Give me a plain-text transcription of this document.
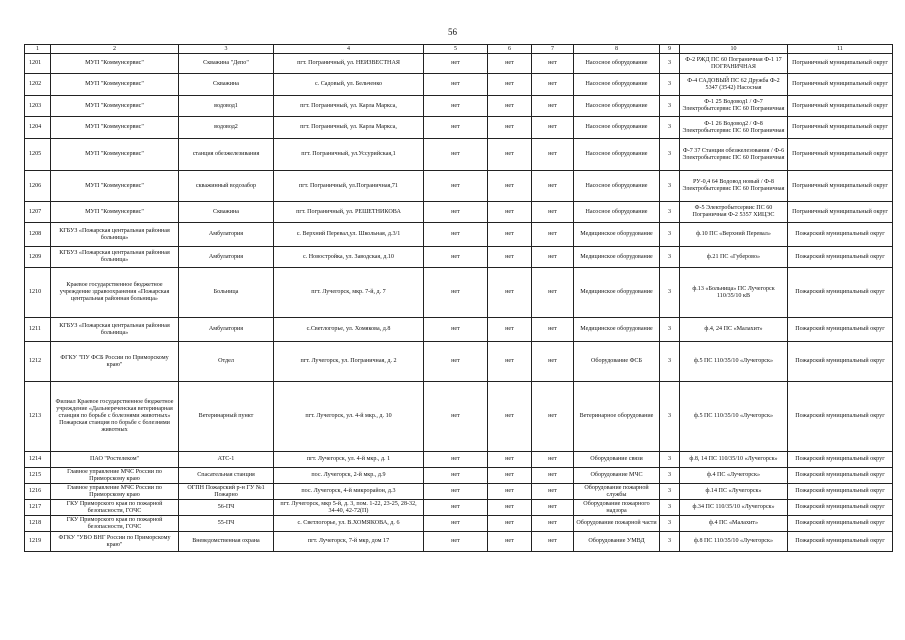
56
1	2	3	4	5	6	7	8	9	10	11
1201	МУП "Коммунсервис"	Скважина "Депо"	пгт. Пограничный, ул. НЕИЗВЕСТНАЯ	нет	нет	нет	Насосное оборудование	3	Ф-2 РЖД ПС 60 Пограничная Ф-1 17 ПОГРАНИЧНАЯ	Пограничный муниципальный округ
1202	МУП "Коммунсервис"	Скважина	с. Садовый, ул. Бельченко	нет	нет	нет	Насосное оборудование	3	Ф-4 САДОВЫЙ ПС 62 Дружба Ф-2 5347 (3542) Насосная	Пограничный муниципальный округ
1203	МУП "Коммунсервис"	водовод1	пгт. Пограничный, ул. Карла Маркса,	нет	нет	нет	Насосное оборудование	3	Ф-1 25 Водовод1 / Ф-7 Электробытсервис ПС 60 Пограничная	Пограничный муниципальный округ
1204	МУП "Коммунсервис"	водовод2	пгт. Пограничный, ул. Карла Маркса,	нет	нет	нет	Насосное оборудование	3	Ф-1 26 Водовод2 / Ф-8 Электробытсервис ПС 60 Пограничная	Пограничный муниципальный округ
1205	МУП "Коммунсервис"	станция обезжелезивания	пгт. Пограничный, ул.Уссурийская,1	нет	нет	нет	Насосное оборудование	3	Ф-7 37 Станция обезжелезования / Ф-6 Электробытсервис ПС 60 Пограничная	Пограничный муниципальный округ
1206	МУП "Коммунсервис"	скважинный водозабор	пгт. Пограничный, ул.Пограничная,71	нет	нет	нет	Насосное оборудование	3	РУ-0,4 64 Водовод новый / Ф-8 Электробытсервис ПС 60 Пограничная	Пограничный муниципальный округ
1207	МУП "Коммунсервис"	Скважина	пгт. Пограничный, ул. РЕШЕТНИКОВА	нет	нет	нет	Насосное оборудование	3	Ф-5 Электробытсервис ПС 60 Пограничная Ф-2 5357 ХИЦЭС	Пограничный муниципальный округ
1208	КГБУЗ «Пожарская центральная районная больница»	Амбулатория	с. Верхний Перевал,ул. Школьная, д.3/1	нет	нет	нет	Медицинское оборудование	3	ф.10 ПС «Верхний Перевал»	Пожарский муниципальный округ
1209	КГБУЗ «Пожарская центральная районная больница»	Амбулатория	с. Новостройка, ул. Заводская, д.10	нет	нет	нет	Медицинское оборудование	3	ф.21 ПС «Губерово»	Пожарский муниципальный округ
1210	Краевое государственное бюджетное учреждение здравоохранения «Пожарская центральная районная больница»	Больница	пгт. Лучегорск, мкр. 7-й, д. 7	нет	нет	нет	Медицинское оборудование	3	ф.13 «Больница» ПС Лучегорск 110/35/10 кВ	Пожарский муниципальный округ
1211	КГБУЗ «Пожарская центральная районная больница»	Амбулатория	с.Светлогорье, ул. Хомякова, д.8	нет	нет	нет	Медицинское оборудование	3	ф.4, 24 ПС «Малахит»	Пожарский муниципальный округ
1212	ФГКУ "ПУ ФСБ России по Приморскому краю"	Отдел	пгт. Лучегорск, ул. Пограничная, д. 2	нет	нет	нет	Оборудование ФСБ	3	ф.5 ПС 110/35/10 «Лучегорск»	Пожарский муниципальный округ
1213	Филиал Краевое государственное бюджетное учреждение «Дальнереченская ветеринарная станция по борьбе с болезнями животных» Пожарская станция по борьбе с болезнями животных	Ветеринарный пункт	пгт. Лучегорск, ул. 4-й мкр., д. 10	нет	нет	нет	Ветеринарное оборудование	3	ф.5 ПС 110/35/10 «Лучегорск»	Пожарский муниципальный округ
1214	ПАО "Ростелеком"	АТС-1	пгт. Лучегорск, ул. 4-й мкр., д. 1	нет	нет	нет	Оборудование связи	3	ф.8, 14 ПС 110/35/10 «Лучегорск»	Пожарский муниципальный округ
1215	Главное управление МЧС России по Приморскому краю	Спасательная станция	пос. Лучегорск, 2-й мкр., д.9	нет	нет	нет	Оборудование МЧС	3	ф.4 ПС «Лучегорск»	Пожарский муниципальный округ
1216	Главное управление МЧС России по Приморскому краю	ОГПН Пожарский р-н ГУ №1 Пожарно	пос. Лучегорск, 4-й микрорайон, д.3	нет	нет	нет	Оборудование пожарной службы	3	ф.14 ПС «Лучегорск»	Пожарский муниципальный округ
1217	ГКУ Приморского края по пожарной безопасности, ГОЧС	56-ПЧ	пгт. Лучегорск, мкр 5-й, д. 3, пом. 1-22, 23-25, 28-32, 34-40, 42-72(П)	нет	нет	нет	Оборудование пожарного надзора	3	ф.34 ПС 110/35/10 «Лучегорск»	Пожарский муниципальный округ
1218	ГКУ Приморского края по пожарной безопасности, ГОЧС	55-ПЧ	с. Светлогорье, ул. В.ХОМЯКОВА, д. 6	нет	нет	нет	Оборудование пожарной части	3	ф.4 ПС «Малахит»	Пожарский муниципальный округ
1219	ФГКУ "УВО ВНГ России по Приморскому краю"	Вневедомственная охрана	пгт. Лучегорск, 7-й мкр, дом 17	нет	нет	нет	Оборудование УМВД	3	ф.8 ПС 110/35/10 «Лучегорск»	Пожарский муниципальный округ
